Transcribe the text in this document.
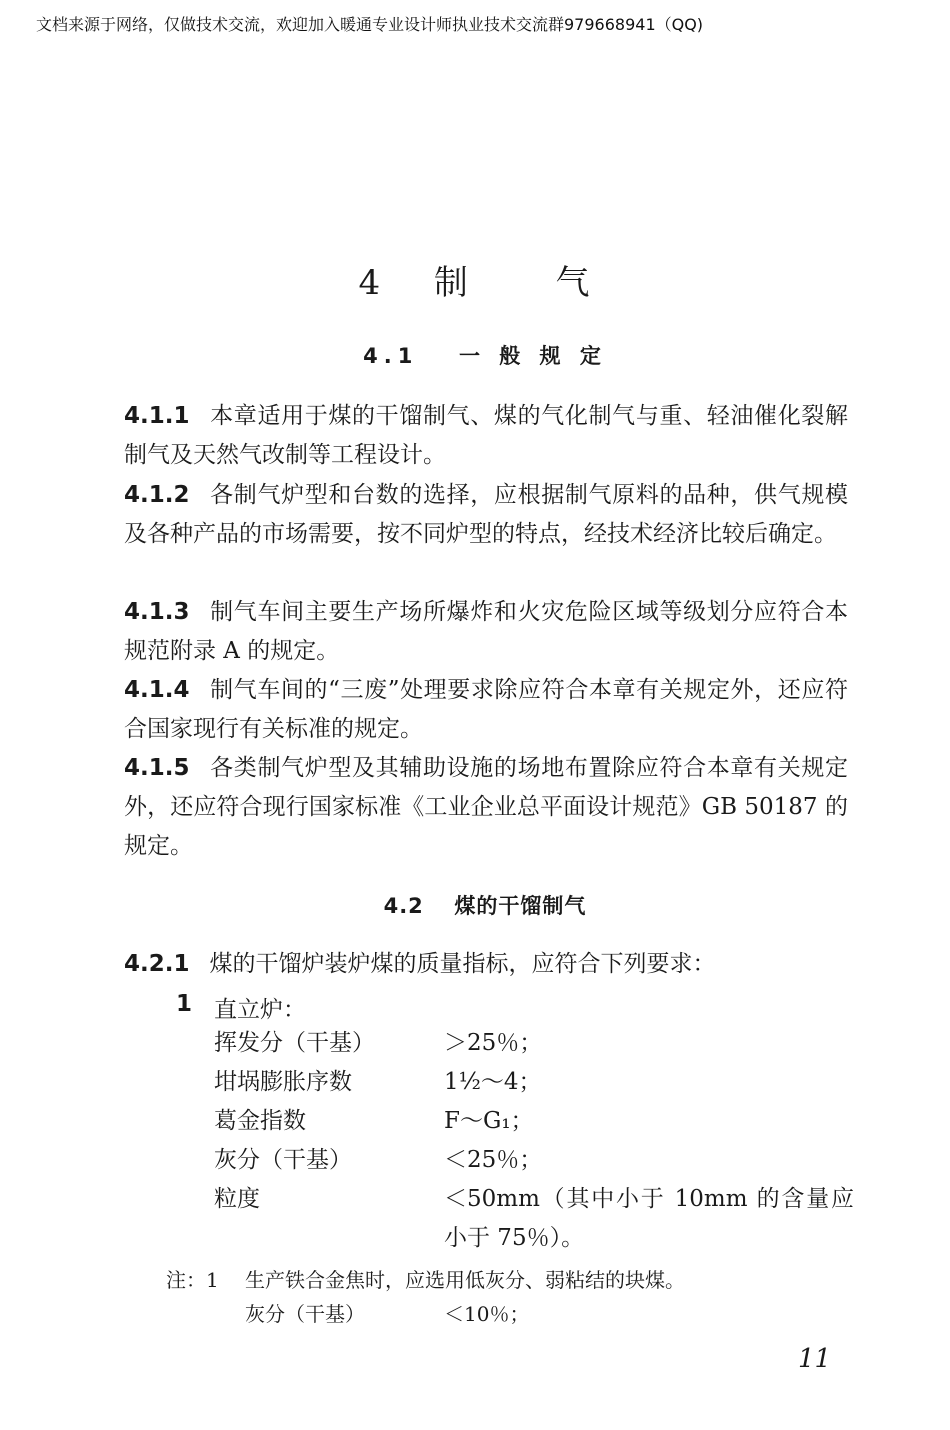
文档来源于网络，仅做技术交流，欢迎加入暖通专业设计师执业技术交流群979668941（QQ)
4 制	气
4.1 一 般 规 定
4.1.1 本章适用于煤的干馏制气、煤的气化制气与重、轻油催化裂解制气及天然气改制等工程设计。
4.1.2 各制气炉型和台数的选择，应根据制气原料的品种，供气规模及各种产品的市场需要，按不同炉型的特点，经技术经济比较后确定。
4.1.3 制气车间主要生产场所爆炸和火灾危险区域等级划分应符合本规范附录 A 的规定。
4.1.4 制气车间的“三废”处理要求除应符合本章有关规定外，还应符合国家现行有关标准的规定。
4.1.5 各类制气炉型及其辅助设施的场地布置除应符合本章有关规定外，还应符合现行国家标准《工业企业总平面设计规范》GB 50187 的规定。
4.2 煤的干馏制气
4.2.1 煤的干馏炉装炉煤的质量指标，应符合下列要求：
1 直立炉：
挥发分（干基）	＞25％；
坩埚膨胀序数	1½～4；
葛金指数	F～G₁；
灰分（干基）	＜25％；
粒度	＜50mm（其中小于 10mm 的含量应小于 75％）。
注：1 生产铁合金焦时，应选用低灰分、弱粘结的块煤。
灰分（干基）	＜10％；
11
